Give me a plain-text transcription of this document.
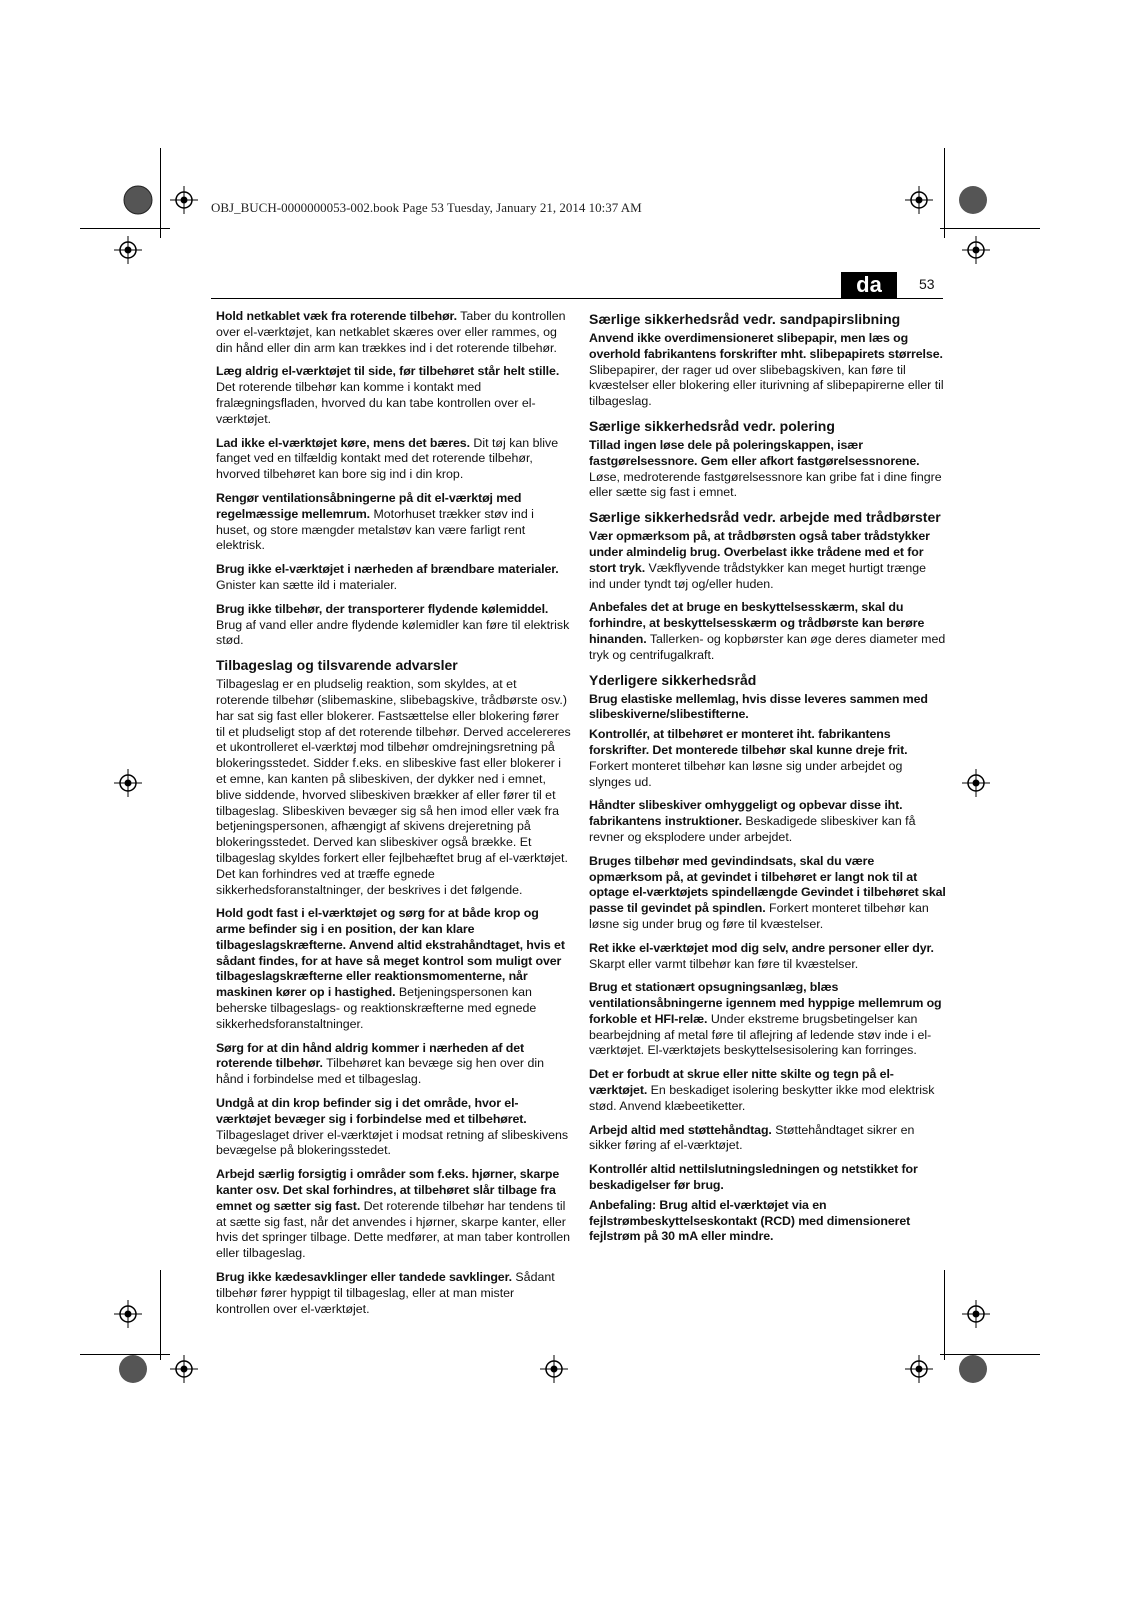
OBJ_BUCH-0000000053-002.book Page 53 Tuesday, January 21, 2014 10:37 AM
da	53

Hold netkablet væk fra roterende tilbehør. Taber du kontrollen over el-værktøjet, kan netkablet skæres over eller rammes, og din hånd eller din arm kan trækkes ind i det roterende tilbehør.

Læg aldrig el-værktøjet til side, før tilbehøret står helt stille. Det roterende tilbehør kan komme i kontakt med fralægningsfladen, hvorved du kan tabe kontrollen over el-værktøjet.

Lad ikke el-værktøjet køre, mens det bæres. Dit tøj kan blive fanget ved en tilfældig kontakt med det roterende tilbehør, hvorved tilbehøret kan bore sig ind i din krop.

Rengør ventilationsåbningerne på dit el-værktøj med regelmæssige mellemrum. Motorhuset trækker støv ind i huset, og store mængder metalstøv kan være farligt rent elektrisk.

Brug ikke el-værktøjet i nærheden af brændbare materialer. Gnister kan sætte ild i materialer.

Brug ikke tilbehør, der transporterer flydende kølemiddel. Brug af vand eller andre flydende kølemidler kan føre til elektrisk stød.

Tilbageslag og tilsvarende advarsler

Tilbageslag er en pludselig reaktion, som skyldes, at et roterende tilbehør (slibemaskine, slibebagskive, trådbørste osv.) har sat sig fast eller blokerer. Fastsættelse eller blokering fører til et pludseligt stop af det roterende tilbehør. Derved accelereres et ukontrolleret el-værktøj mod tilbehør omdrejningsretning på blokeringsstedet. Sidder f.eks. en slibeskive fast eller blokerer i et emne, kan kanten på slibeskiven, der dykker ned i emnet, blive siddende, hvorved slibeskiven brækker af eller fører til et tilbageslag. Slibeskiven bevæger sig så hen imod eller væk fra betjeningspersonen, afhængigt af skivens drejeretning på blokeringsstedet. Derved kan slibeskiver også brække. Et tilbageslag skyldes forkert eller fejlbehæftet brug af el-værktøjet. Det kan forhindres ved at træffe egnede sikkerhedsforanstaltninger, der beskrives i det følgende.

Hold godt fast i el-værktøjet og sørg for at både krop og arme befinder sig i en position, der kan klare tilbageslagskræfterne. Anvend altid ekstrahåndtaget, hvis et sådant findes, for at have så meget kontrol som muligt over tilbageslagskræfterne eller reaktionsmomenterne, når maskinen kører op i hastighed. Betjeningspersonen kan beherske tilbageslags- og reaktionskræfterne med egnede sikkerhedsforanstaltninger.

Sørg for at din hånd aldrig kommer i nærheden af det roterende tilbehør. Tilbehøret kan bevæge sig hen over din hånd i forbindelse med et tilbageslag.

Undgå at din krop befinder sig i det område, hvor el-værktøjet bevæger sig i forbindelse med et tilbehøret. Tilbageslaget driver el-værktøjet i modsat retning af slibeskivens bevægelse på blokeringsstedet.

Arbejd særlig forsigtig i områder som f.eks. hjørner, skarpe kanter osv. Det skal forhindres, at tilbehøret slår tilbage fra emnet og sætter sig fast. Det roterende tilbehør har tendens til at sætte sig fast, når det anvendes i hjørner, skarpe kanter, eller hvis det springer tilbage. Dette medfører, at man taber kontrollen eller tilbageslag.

Brug ikke kædesavklinger eller tandede savklinger. Sådant tilbehør fører hyppigt til tilbageslag, eller at man mister kontrollen over el-værktøjet.

Særlige sikkerhedsråd vedr. sandpapirslibning

Anvend ikke overdimensioneret slibepapir, men læs og overhold fabrikantens forskrifter mht. slibepapirets størrelse. Slibepapirer, der rager ud over slibebagskiven, kan føre til kvæstelser eller blokering eller iturivning af slibepapirerne eller til tilbageslag.

Særlige sikkerhedsråd vedr. polering

Tillad ingen løse dele på poleringskappen, især fastgørelsessnore. Gem eller afkort fastgørelsessnorene. Løse, medroterende fastgørelsessnore kan gribe fat i dine fingre eller sætte sig fast i emnet.

Særlige sikkerhedsråd vedr. arbejde med trådbørster

Vær opmærksom på, at trådbørsten også taber trådstykker under almindelig brug. Overbelast ikke trådene med et for stort tryk. Vækflyvende trådstykker kan meget hurtigt trænge ind under tyndt tøj og/eller huden.

Anbefales det at bruge en beskyttelsesskærm, skal du forhindre, at beskyttelsesskærm og trådbørste kan berøre hinanden. Tallerken- og kopbørster kan øge deres diameter med tryk og centrifugalkraft.

Yderligere sikkerhedsråd

Brug elastiske mellemlag, hvis disse leveres sammen med slibeskiverne/slibestifterne.

Kontrollér, at tilbehøret er monteret iht. fabrikantens forskrifter. Det monterede tilbehør skal kunne dreje frit. Forkert monteret tilbehør kan løsne sig under arbejdet og slynges ud.

Håndter slibeskiver omhyggeligt og opbevar disse iht. fabrikantens instruktioner. Beskadigede slibeskiver kan få revner og eksplodere under arbejdet.

Bruges tilbehør med gevindindsats, skal du være opmærksom på, at gevindet i tilbehøret er langt nok til at optage el-værktøjets spindellængde Gevindet i tilbehøret skal passe til gevindet på spindlen. Forkert monteret tilbehør kan løsne sig under brug og føre til kvæstelser.

Ret ikke el-værktøjet mod dig selv, andre personer eller dyr. Skarpt eller varmt tilbehør kan føre til kvæstelser.

Brug et stationært opsugningsanlæg, blæs ventilationsåbningerne igennem med hyppige mellemrum og forkoble et HFI-relæ. Under ekstreme brugsbetingelser kan bearbejdning af metal føre til aflejring af ledende støv inde i el-værktøjet. El-værktøjets beskyttelsesisolering kan forringes.

Det er forbudt at skrue eller nitte skilte og tegn på el-værktøjet. En beskadiget isolering beskytter ikke mod elektrisk stød. Anvend klæbeetiketter.

Arbejd altid med støttehåndtag. Støttehåndtaget sikrer en sikker føring af el-værktøjet.

Kontrollér altid nettilslutningsledningen og netstikket for beskadigelser før brug.

Anbefaling: Brug altid el-værktøjet via en fejlstrømbeskyttelseskontakt (RCD) med dimensioneret fejlstrøm på 30 mA eller mindre.
